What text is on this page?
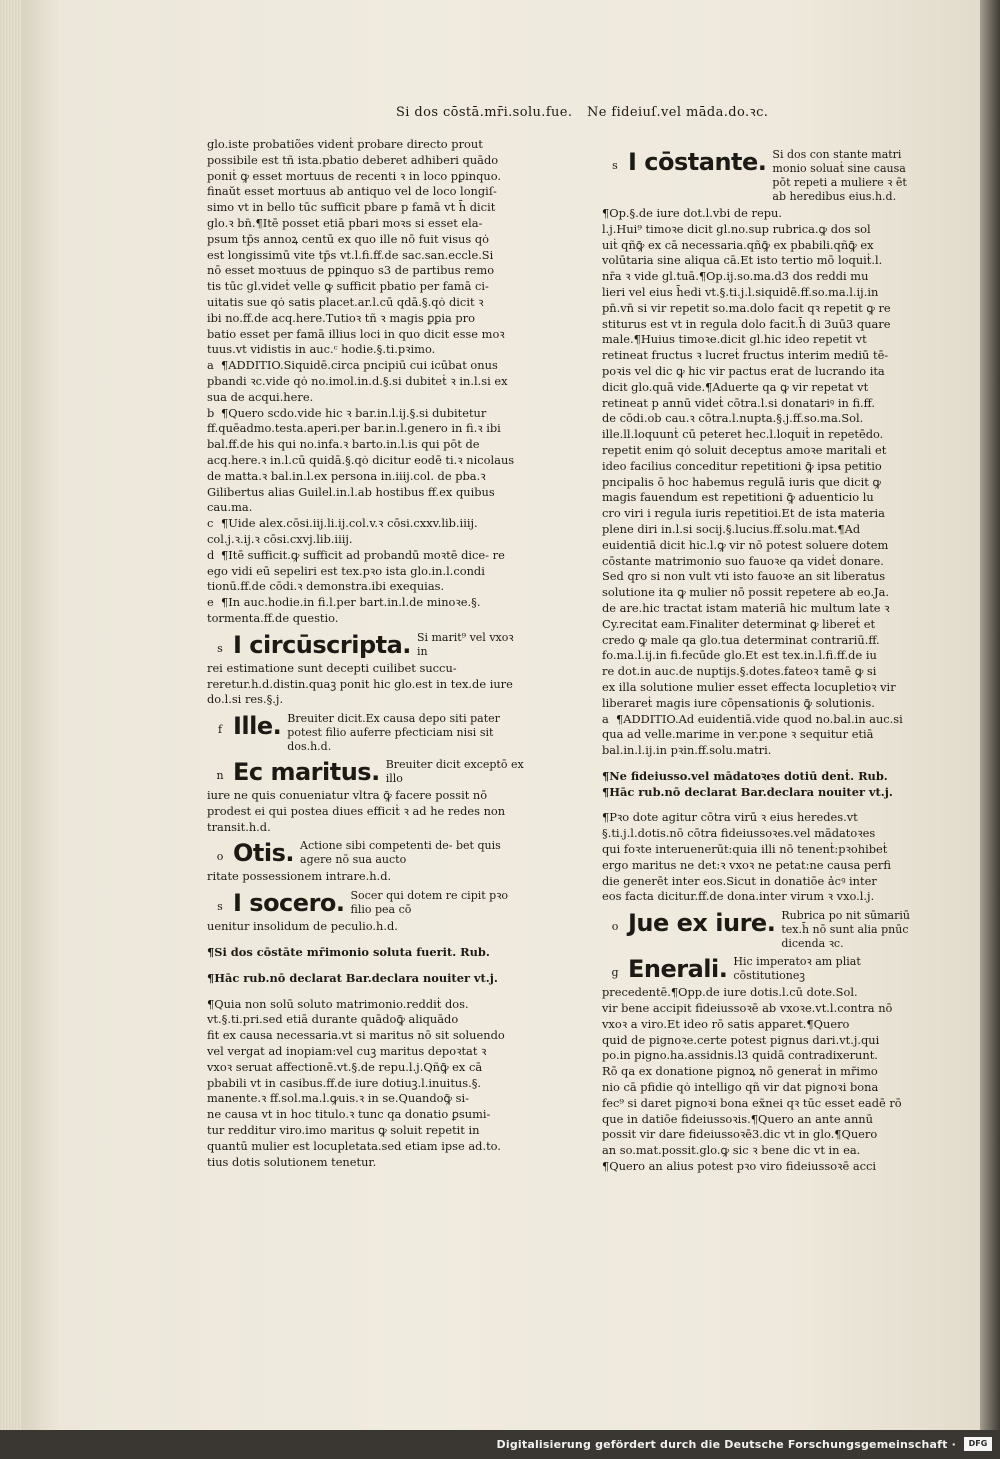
Si dos cōstā.mr̄i.solu.fue. Ne fideiuſ.vel māda.do.ꝛc.

glo.iste probatiões videnṫ probare directo prout

possibile est tñ ista.pbatio deberet adhiberi quādo

poniṫ ꝙ esset mortuus de recenti ꝛ in loco pꝑinquo.

finaŭt esset mortuus ab antiquo vel de loco longiſ-

simo vt in bello tūc sufficit pbare p famā vt h̄ dicit

glo.ꝛ bn̄.¶Itē posset etiā pbari moꝛs si esset ela-

psum tp̄s annoꝝ centū ex quo ille nō fuit visus qȯ

est longissimū vite tp̄s vt.l.fi.ff.de sac.san.eccle.Si

nō esset moꝛtuus de pꝑinquo s3 de partibus remo

tis tūc gl.videṫ velle ꝙ sufficit pbatio per famā ci-

uitatis sue qȯ satis placet.ar.l.cū qdā.§.qȯ dicit ꝛ

ibi no.ff.de acq.here.Tutioꝛ tñ ꝛ magis ꝑꝑia pro

batio esset per famā illius loci in quo dicit esse moꝛ

tuus.vt vidistis in auc.ᶜ hodie.§.ti.pꝛimo.

a ¶ADDITIO.Siquidē.circa pncipiū cui icūbat onus pbandi ꝛc.vide qȯ no.imol.in.d.§.si dubiteṫ ꝛ in.l.si ex sua de acqui.here.

b ¶Quero scdo.vide hic ꝛ bar.in.l.ij.§.si dubitetur ff.quēadmo.testa.aperi.per bar.in.l.genero in fi.ꝛ ibi bal.ff.de his qui no.infa.ꝛ barto.in.l.is qui pōt de acq.here.ꝛ in.l.cū quidā.§.qȯ dicitur eodē ti.ꝛ nicolaus de matta.ꝛ bal.in.l.ex persona in.iiij.col. de pba.ꝛ Gilibertus alias Guilel.in.l.ab hostibus ff.ex quibus cau.ma.

c ¶Uide alex.cōsi.iij.li.ij.col.v.ꝛ cōsi.cxxv.lib.iiij. col.j.ꝛ.ij.ꝛ cōsi.cxvj.lib.iiij.

d ¶Itē sufficit.ꝙ sufficit ad probandū moꝛtē dice- re ego vidi eū sepeliri est tex.pꝛo ista glo.in.l.condi tionū.ff.de cōdi.ꝛ demonstra.ibi exequias.

e ¶In auc.hodie.in fi.l.per bart.in.l.de minoꝛe.§. tormenta.ff.de questio.

s I circūscripta. Si marit⁹ vel vxoꝛ in

rei estimatione sunt decepti cuilibet succu- reretur.h.d.distin.quaꝫ ponit hic glo.est in tex.de iure do.l.si res.§.j.

f Ille. Breuiter dicit.Ex causa depo siti pater potest filio auferre pfecticiam nisi sit dos.h.d.
n Ec maritus. Breuiter dicit exceptō ex illo

iure ne quis conueniatur vltra ꝙ̄ facere possit nō prodest ei qui postea diues efficiṫ ꝛ ad he redes non transit.h.d.

o Otis. Actione sibi competenti de- bet quis agere nō sua aucto

ritate possessionem intrare.h.d.

s I socero. Socer qui dotem re cipit pꝛo filio pea cō

uenitur insolidum de peculio.h.d.

¶Si dos cōstāte mr̄imonio soluta fuerit. Rub.

¶Hāc rub.nō declarat Bar.declara nouiter vt.j.

¶Quia non solū soluto matrimonio.reddiṫ dos.

vt.§.ti.pri.sed etiā durante quādoꝙ̄ aliquādo

fit ex causa necessaria.vt si maritus nō sit soluendo

vel vergat ad inopiam:vel cuꝫ maritus depoꝛtat ꝛ

vxoꝛ seruat affectionē.vt.§.de repu.l.j.Qñꝙ̄ ex cā

pbabili vt in casibus.ff.de iure dotiuꝫ.l.inuitus.§.

manente.ꝛ ff.sol.ma.l.ꝙuis.ꝛ in se.Quandoꝙ̄ si-

ne causa vt in hoc titulo.ꝛ tunc qa donatio ꝑsumi-

tur redditur viro.imo maritus ꝙ soluit repetit in

quantū mulier est locupletata.sed etiam ipse ad.to.

tius dotis solutionem tenetur.

s I cōstante. Si dos con stante matri monio soluaṫ sine causa pōt repeti a muliere ꝛ ēt ab heredibus eius.h.d.

¶Op.§.de iure dot.l.vbi de repu.

l.j.Hui⁹ timoꝛe dicit gl.no.sup rubrica.ꝙ dos sol

uiṫ qñꝙ̄ ex cā necessaria.qñꝙ̄ ex pbabili.qñꝙ̄ ex

volūtaria sine aliqua cā.Et isto tertio mō loquiṫ.l.

nr̄a ꝛ vide gl.tuā.¶Op.ij.so.ma.d3 dos reddi mu

lieri vel eius h̄edi vt.§.ti.j.l.siquidē.ff.so.ma.l.ij.in

pn̄.vn̄ si vir repetit so.ma.dolo facit qꝛ repetit ꝙ re

stiturus est vt in regula dolo facit.h̄ di 3uū3 quare

male.¶Huius timoꝛe.dicit gl.hic ideo repetit vt

retineat fructus ꝛ lucreṫ fructus interim mediū tē-

poꝛis vel dic ꝙ hic vir pactus erat de lucrando ita

dicit glo.quā vide.¶Aduerte qa ꝙ vir repetat vt

retineat p annū videṫ cōtra.l.si donatariꝰ in fi.ff.

de cōdi.ob cau.ꝛ cōtra.l.nupta.§.j.ff.so.ma.Sol.

ille.ll.loquunṫ cū peteret hec.l.loquiṫ in repetēdo.

repetit enim qȯ soluit deceptus amoꝛe maritali et

ideo facilius conceditur repetitioni ꝙ̄ ipsa petitio

pncipalis ō hoc habemus regulā iuris que dicit ꝙ

magis fauendum est repetitioni ꝙ̄ aduenticio lu

cro viri i regula iuris repetitioi.Et de ista materia

plene diri in.l.si socij.§.lucius.ff.solu.mat.¶Ad

euidentiā dicit hic.l.ꝙ vir nō potest soluere dotem

cōstante matrimonio suo fauoꝛe qa videṫ donare.

Sed qro si non vult vti isto fauoꝛe an sit liberatus

solutione ita ꝙ mulier nō possit repetere ab eo.Ja.

de are.hic tractat istam materiā hic multum late ꝛ

Cy.recitat eam.Finaliter determinat ꝙ libereṫ et

credo ꝙ male qa glo.tua determinat contrariū.ff.

fo.ma.l.ij.in fi.fecūde glo.Et est tex.in.l.fi.ff.de iu

re dot.in auc.de nuptijs.§.dotes.fateoꝛ tamē ꝙ si

ex illa solutione mulier esset effecta locupletioꝛ vir

liberareṫ magis iure cōpensationis ꝙ̄ solutionis.

a ¶ADDITIO.Ad euidentiā.vide quod no.bal.in auc.si qua ad velle.marime in ver.pone ꝛ sequitur etiā bal.in.l.ij.in pꝛin.ff.solu.matri.

¶Ne fideiusso.vel mādatoꝛes dotiū denṫ. Rub.

¶Hāc rub.nō declarat Bar.declara nouiter vt.j.

¶Pꝛo dote agitur cōtra virū ꝛ eius heredes.vt

§.ti.j.l.dotis.nō cōtra fideiussoꝛes.vel mādatoꝛes

qui foꝛte interuenerūt:quia illi nō tenenṫ:pꝛohibeṫ

ergo maritus ne det:ꝛ vxoꝛ ne petat:ne causa perfi

die generēt inter eos.Sicut in donatiōe a̓cꝰ inter

eos facta dicitur.ff.de dona.inter virum ꝛ vxo.l.j.

o Jue ex iure. Rubrica po nit sūmariū tex.h̄ nō sunt alia pnūc dicenda ꝛc.
g Enerali. Hic imperatoꝛ am pliat cōstitutioneꝫ

precedentē.¶Opp.de iure dotis.l.cū dote.Sol.

vir bene accipit fideiussoꝛē ab vxoꝛe.vt.l.contra nō

vxoꝛ a viro.Et ideo rō satis apparet.¶Quero

quid de pignoꝛe.certe potest pignus dari.vt.j.qui

po.in pigno.ha.assidnis.l3 quidā contradixerunt.

Rō qa ex donatione pignoꝝ nō generaṫ in mr̄imo

nio cā pfidie qȯ intelligo qñ vir dat pignoꝛi bona

fec⁹ si daret pignoꝛi bona ex̄nei qꝛ tūc esset eadē rō

que in datiōe fideiussoꝛis.¶Quero an ante annū

possit vir dare fideiussoꝛē3.dic vt in glo.¶Quero

an so.mat.possit.glo.ꝙ sic ꝛ bene dic vt in ea.

¶Quero an alius potest pꝛo viro fideiussoꝛē acci

Digitalisierung gefördert durch die Deutsche Forschungsgemeinschaft ·	DFG
